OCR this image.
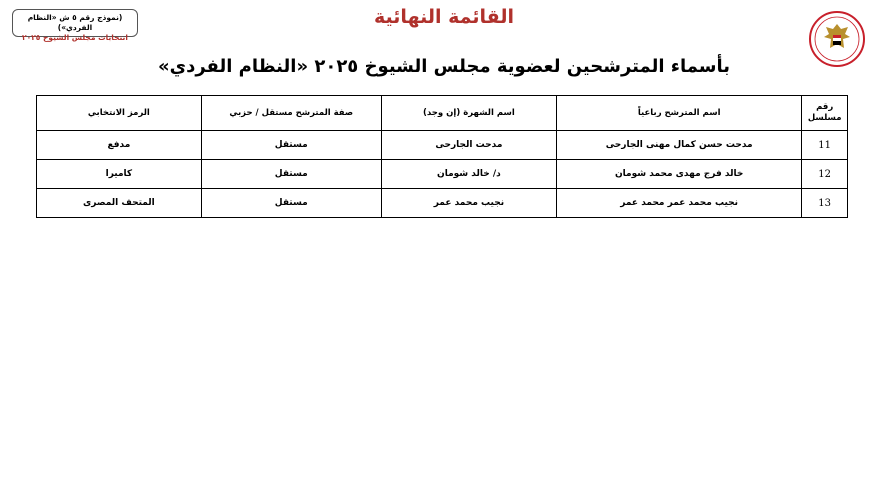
القائمة النهائية
(نموذج رقم ٥ ش «النظام الفردي»)
انتخابات مجلس الشيوخ ٢٠٢٥
بأسماء المترشحين لعضوية مجلس الشيوخ ٢٠٢٥ «النظام الفردي»
رقم مسلسل	اسم المترشح رباعياً	اسم الشهرة (إن وجد)	صفة المترشح مستقل / حزبي	الرمز الانتخابي
11	مدحت حسن كمال مهنى الجارحى	مدحت الجارحى	مستقل	مدفع
12	خالد فرج مهدى محمد شومان	د/ خالد شومان	مستقل	كاميرا
13	نجيب محمد عمر محمد عمر	نجيب محمد عمر	مستقل	المتحف المصرى
